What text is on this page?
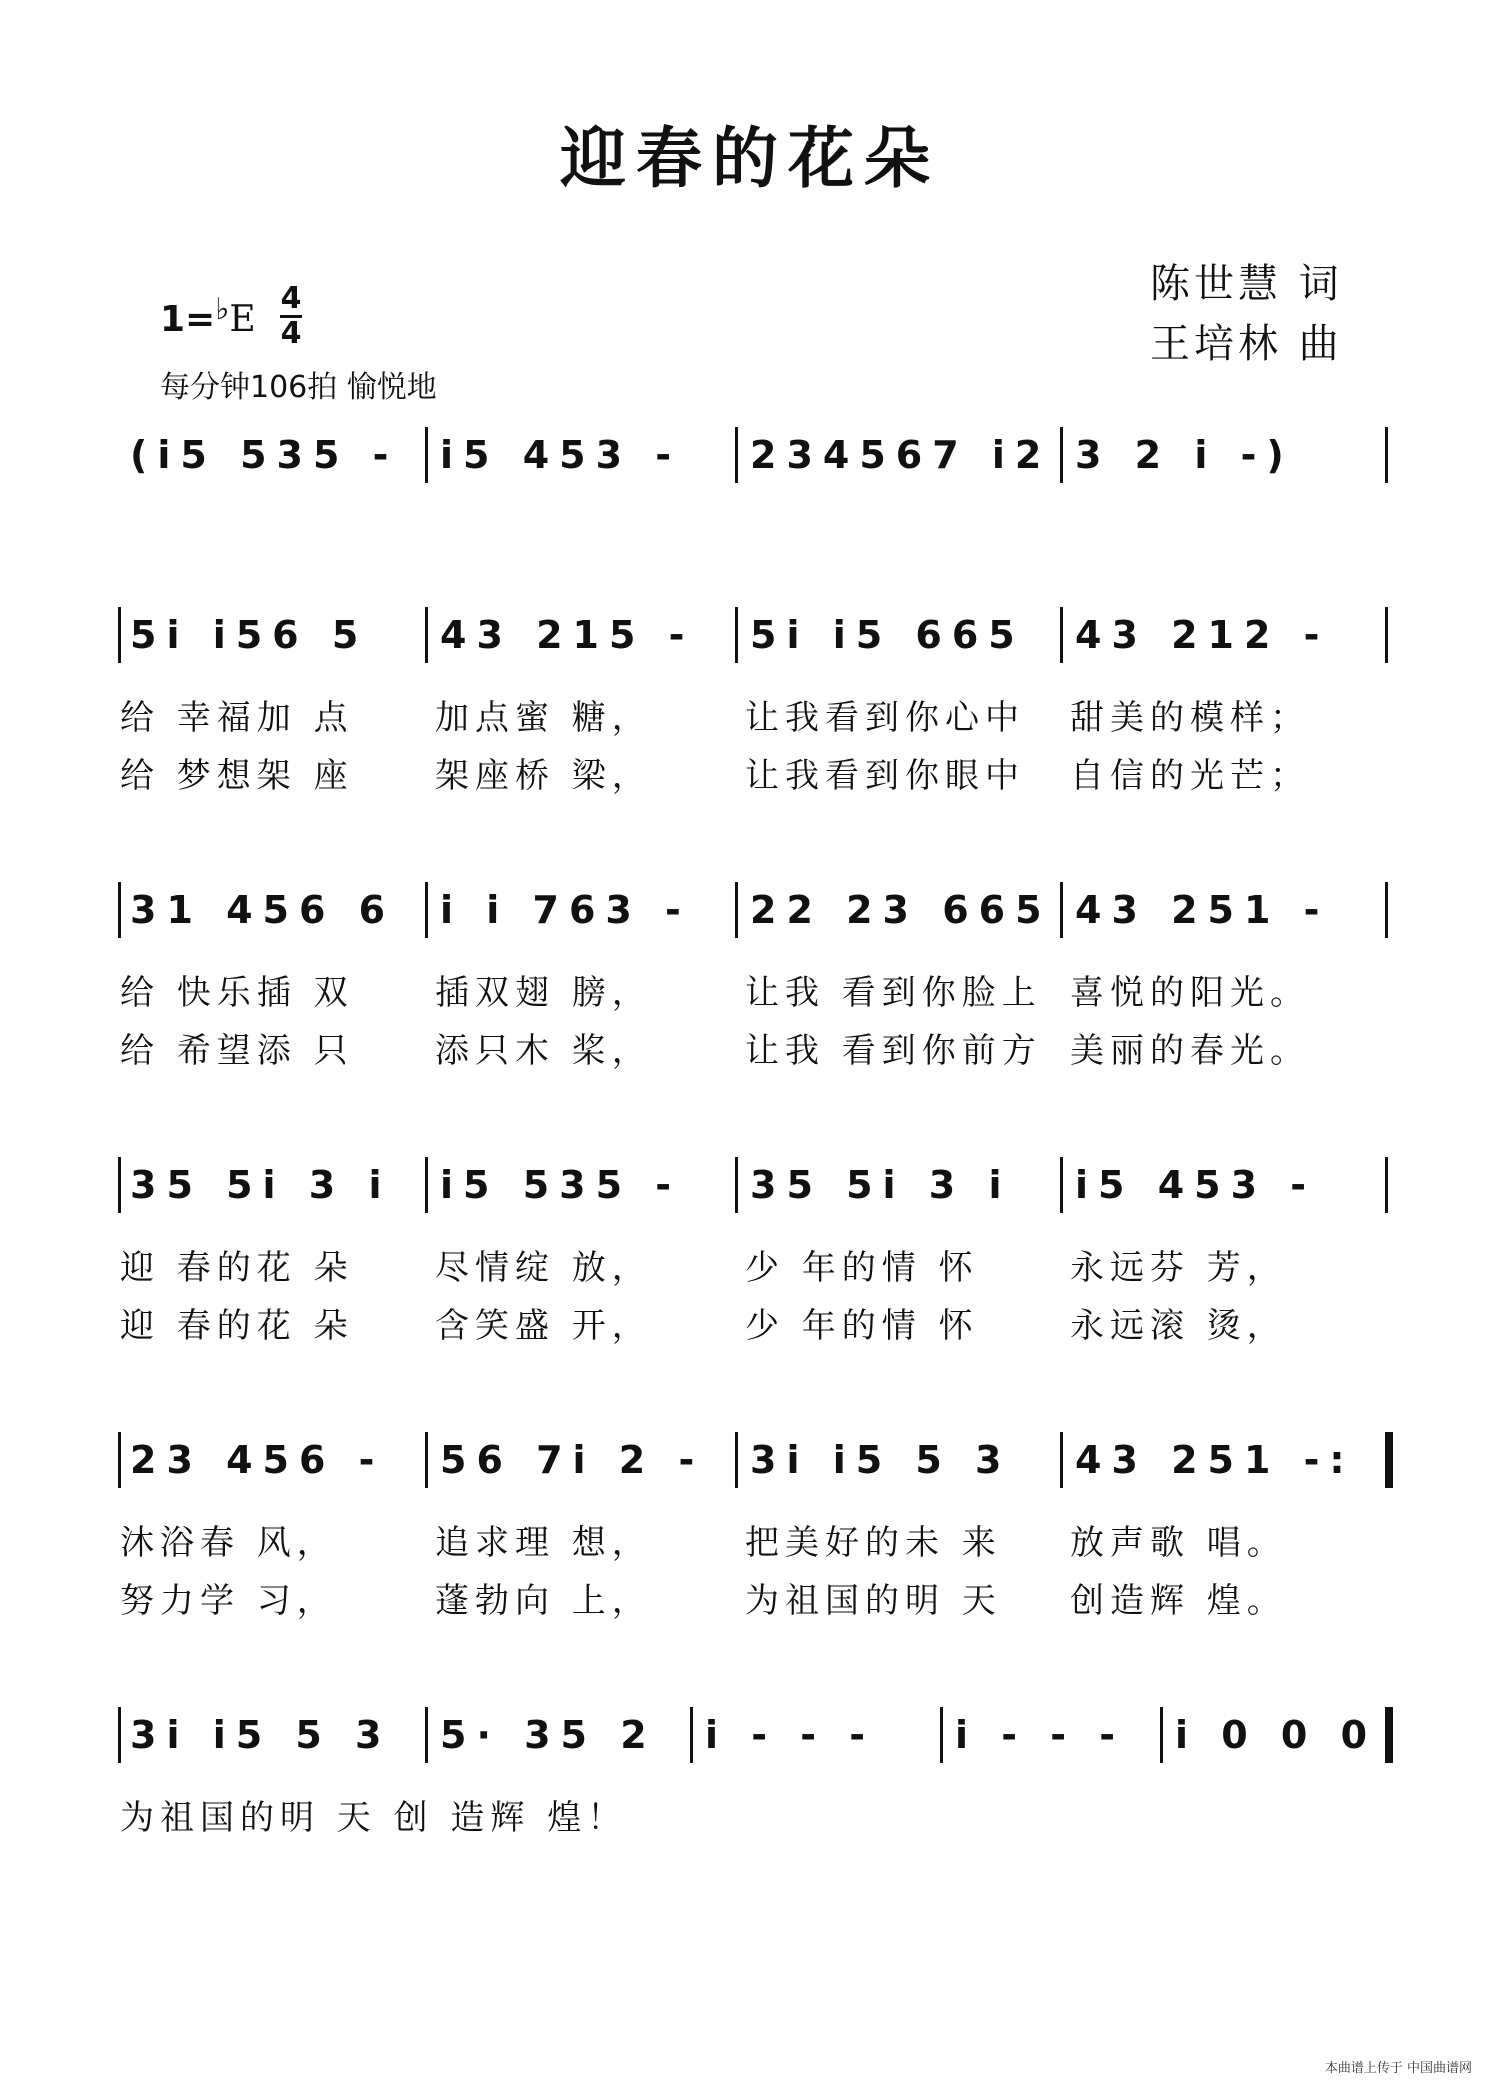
迎春的花朵
陈世慧 词
王培林 曲
1=♭E
4
4
每分钟106拍 愉悦地
(i5 535 - i5 453 - 234567 i2 3 2 i -)
5i i56 5 43 215 - 5i i5 665 43 212 -
给 幸福加 点 加点蜜 糖，	让我看到你心中 甜美的模样；
给 梦想架 座 架座桥 梁，	让我看到你眼中 自信的光芒；
31 456 6 i i 763 - 22 23 665 43 251 -
给 快乐插 双 插双翅 膀，	让我 看到你脸上 喜悦的阳光。
给 希望添 只 添只木 桨，	让我 看到你前方 美丽的春光。
35 5i 3 i i5 535 - 35 5i 3 i i5 453 -
迎 春的花 朵 尽情绽 放，	少 年的情 怀	永远芬 芳，
迎 春的花 朵 含笑盛 开，	少 年的情 怀	永远滚 烫，
23 456 - 56 7i 2 - 3i i5 5 3 43 251 -:
沐浴春 风，	追求理 想，	把美好的未 来 放声歌 唱。
努力学 习，	蓬勃向 上，	为祖国的明 天 创造辉 煌。
3i i5 5 3 5· 35 2 i - - - i - - - i 0 0 0
为祖国的明 天 创 造辉 煌！
本曲谱上传于 中国曲谱网
